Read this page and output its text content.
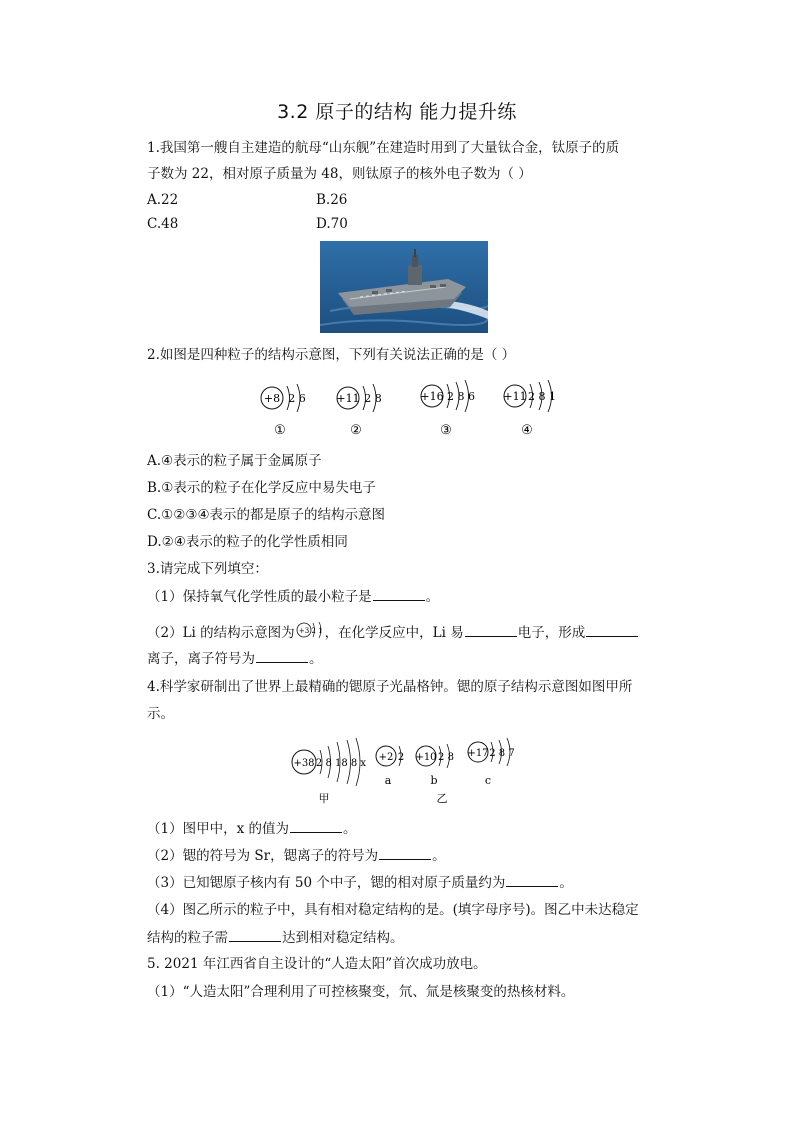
3.2 原子的结构 能力提升练
1.我国第一艘自主建造的航母“山东舰”在建造时用到了大量钛合金，钛原子的质
子数为 22，相对原子质量为 48，则钛原子的核外电子数为（ ）
A.22	B.26
C.48	D.70
2.如图是四种粒子的结构示意图，下列有关说法正确的是（ ）
+8 2 6
①
+11 2 8
②
+16 2 8 6
③
+11 2 8 1
④
A.④表示的粒子属于金属原子
B.①表示的粒子在化学反应中易失电子
C.①②③④表示的都是原子的结构示意图
D.②④表示的粒子的化学性质相同
3.请完成下列填空：
（1）保持氧气化学性质的最小粒子是	。
（2）Li 的结构示意图为 +3 2 1 ，在化学反应中，Li 易	电子，形成
离子，离子符号为	。
4.科学家研制出了世界上最精确的锶原子光晶格钟。锶的原子结构示意图如图甲所
示。
+38 2 8 18 8 x
甲
+2 2
a
+10 2 8
b
乙
+17 2 8 7
c
（1）图甲中，x 的值为	。
（2）锶的符号为 Sr，锶离子的符号为	。
（3）已知锶原子核内有 50 个中子，锶的相对原子质量约为	。
（4）图乙所示的粒子中，具有相对稳定结构的是。(填字母序号)。图乙中未达稳定
结构的粒子需	达到相对稳定结构。
5. 2021 年江西省自主设计的“人造太阳”首次成功放电。
（1）“人造太阳”合理利用了可控核聚变，氘、氚是核聚变的热核材料。
